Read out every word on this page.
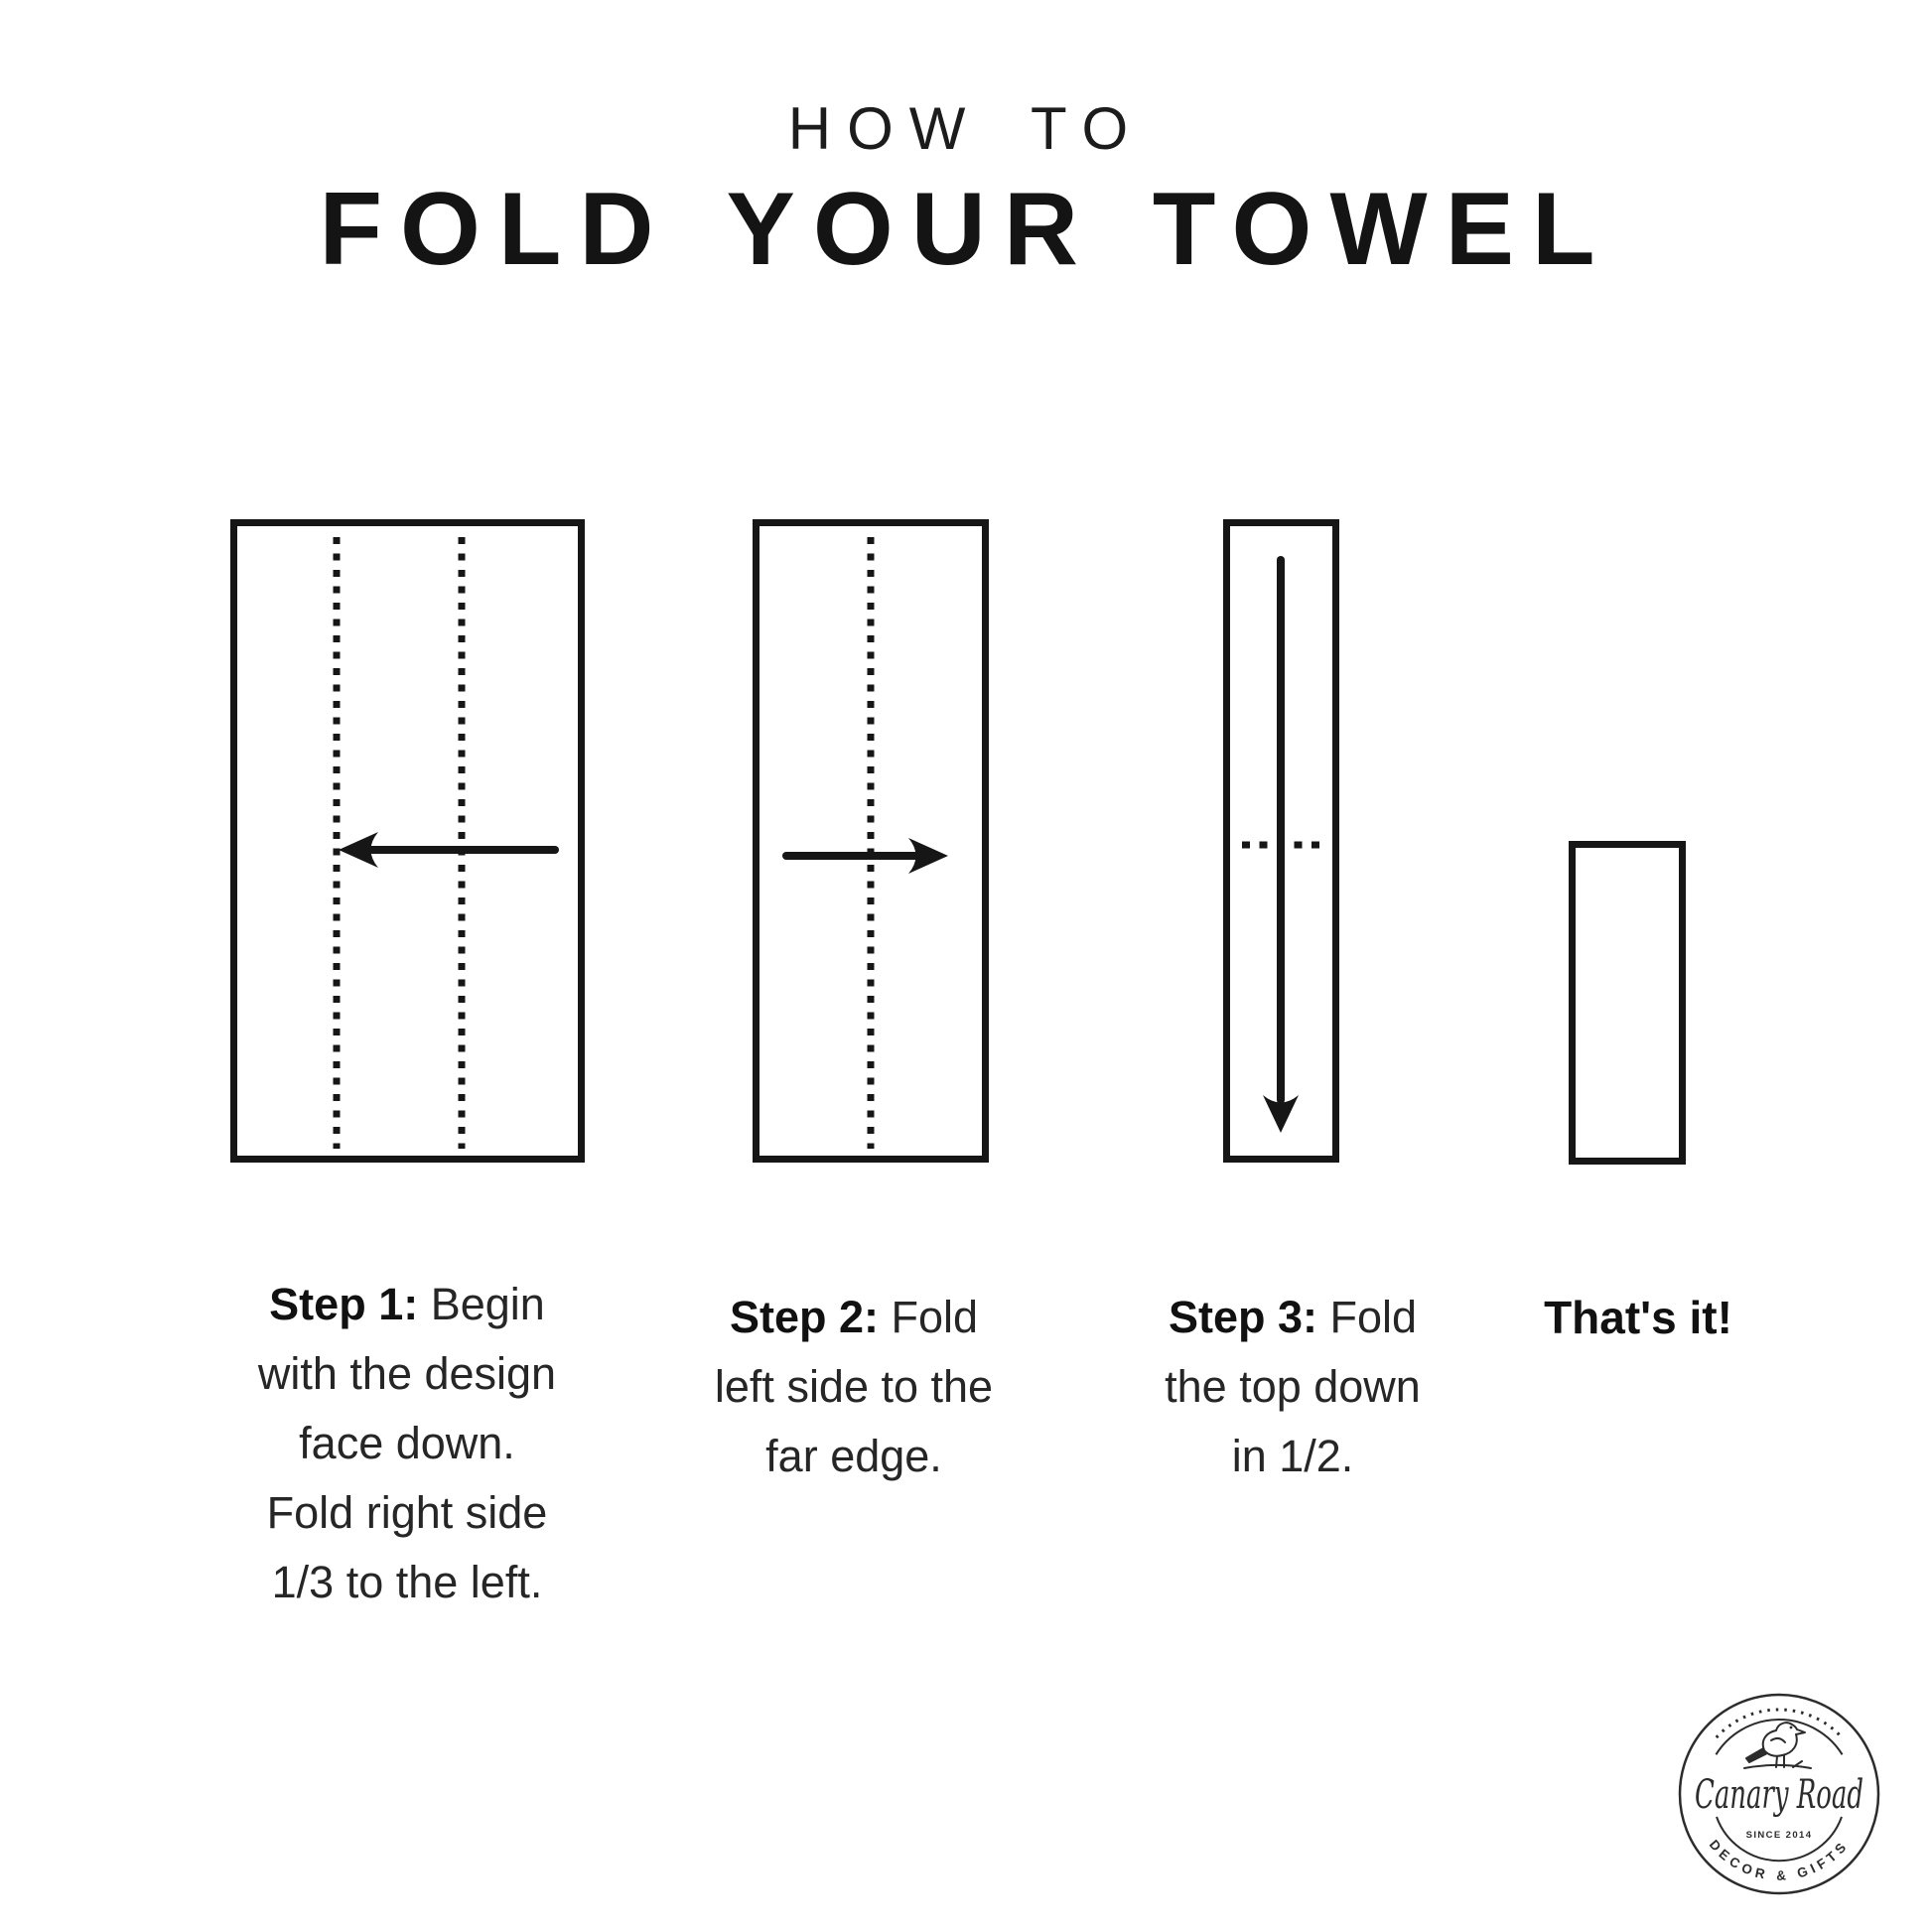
HOW TO
FOLD YOUR TOWEL
Canary Road
SINCE 2014
DECOR & GIFTS

Step 1: Begin

with the design

face down.

Fold right side

1/3 to the left.

Step 2: Fold

left side to the

far edge.

Step 3: Fold

the top down

in 1/2.

That's it!
